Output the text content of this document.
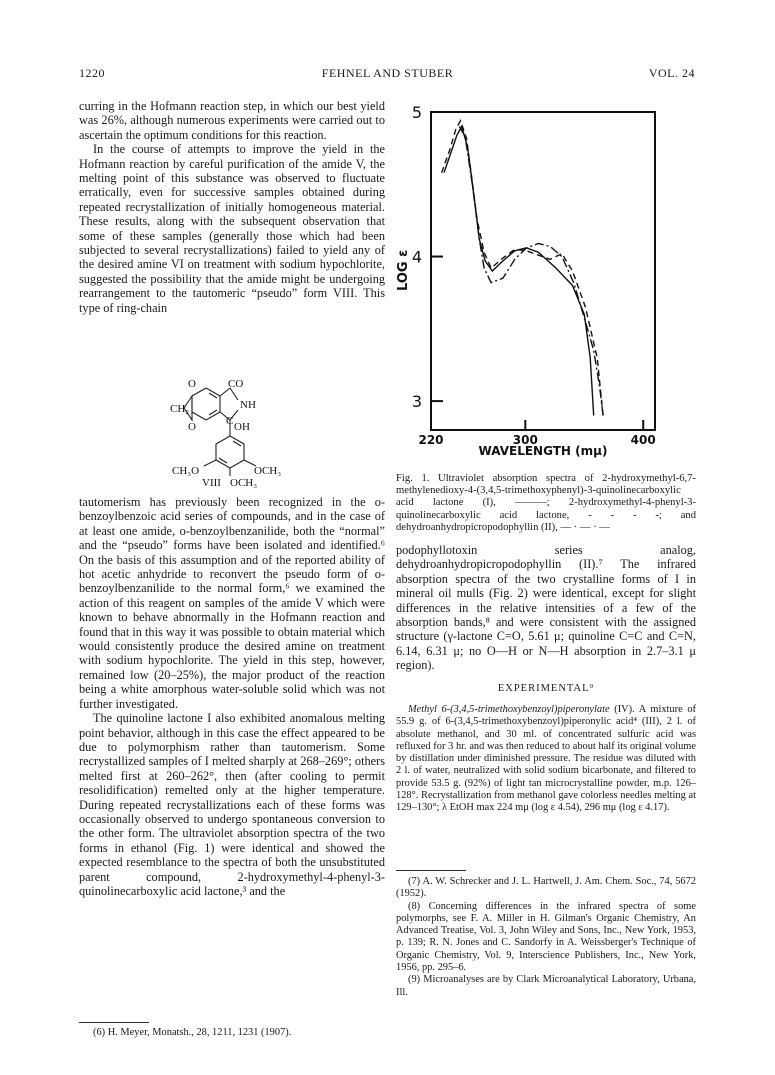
1220	FEHNEL AND STUBER	VOL. 24

curring in the Hofmann reaction step, in which our best yield was 26%, although numerous experiments were carried out to ascertain the optimum conditions for this reaction.

In the course of attempts to improve the yield in the Hofmann reaction by careful purification of the amide V, the melting point of this substance was observed to fluctuate erratically, even for successive samples obtained during repeated recrystallization of initially homogeneous material. These results, along with the subsequent observation that some of these samples (generally those which had been subjected to several recrystallizations) failed to yield any of the desired amine VI on treatment with sodium hypochlorite, suggested the possibility that the amide might be undergoing rearrangement to the tautomeric “pseudo” form VIII. This type of ring-chain

O	CO
CH₂	NH
O	C OH
CH₃O	OCH₃
OCH₃
VIII

tautomerism has previously been recognized in the o-benzoylbenzoic acid series of compounds, and in the case of at least one amide, o-benzoylbenzanilide, both the “normal” and the “pseudo” forms have been isolated and identified.⁶ On the basis of this assumption and of the reported ability of hot acetic anhydride to reconvert the pseudo form of o-benzoylbenzanilide to the normal form,⁶ we examined the action of this reagent on samples of the amide V which were known to behave abnormally in the Hofmann reaction and found that in this way it was possible to obtain material which would consistently produce the desired amine on treatment with sodium hypochlorite. The yield in this step, however, remained low (20–25%), the major product of the reaction being a white amorphous water-soluble solid which was not further investigated.

The quinoline lactone I also exhibited anomalous melting point behavior, although in this case the effect appeared to be due to polymorphism rather than tautomerism. Some recrystallized samples of I melted sharply at 268–269°; others melted first at 260–262°, then (after cooling to permit resolidification) remelted only at the higher temperature. During repeated recrystallizations each of these forms was occasionally observed to undergo spontaneous conversion to the other form. The ultraviolet absorption spectra of the two forms in ethanol (Fig. 1) were identical and showed the expected resemblance to the spectra of both the unsubstituted parent compound, 2-hydroxymethyl-4-phenyl-3-quinolinecarboxylic acid lactone,³ and the

(6) H. Meyer, Monatsh., 28, 1211, 1231 (1907).
3
4
5
220	300	400
LOG ε
WAVELENGTH (mμ)
Fig. 1. Ultraviolet absorption spectra of 2-hydroxymethyl-6,7-methylenedioxy-4-(3,4,5-trimethoxyphenyl)-3-quinolinecarboxylic acid lactone (I), ———; 2-hydroxymethyl-4-phenyl-3-quinolinecarboxylic acid lactone, - - - -; and dehydroanhydropicropodophyllin (II), — · — · —

podophyllotoxin series analog, dehydroanhydropicropodophyllin (II).⁷ The infrared absorption spectra of the two crystalline forms of I in mineral oil mulls (Fig. 2) were identical, except for slight differences in the relative intensities of a few of the absorption bands,⁸ and were consistent with the assigned structure (γ-lactone C=O, 5.61 μ; quinoline C=C and C=N, 6.14, 6.31 μ; no O—H or N—H absorption in 2.7–3.1 μ region).

EXPERIMENTAL⁹

Methyl 6-(3,4,5-trimethoxybenzoyl)piperonylate (IV). A mixture of 55.9 g. of 6-(3,4,5-trimethoxybenzoyl)piperonylic acid⁴ (III), 2 l. of absolute methanol, and 30 ml. of concentrated sulfuric acid was refluxed for 3 hr. and was then reduced to about half its original volume by distillation under diminished pressure. The residue was diluted with 2 l. of water, neutralized with solid sodium bicarbonate, and filtered to provide 53.5 g. (92%) of light tan microcrystalline powder, m.p. 126–128°. Recrystallization from methanol gave colorless needles melting at 129–130°; λ EtOH max 224 mμ (log ε 4.54), 296 mμ (log ε 4.17).

(7) A. W. Schrecker and J. L. Hartwell, J. Am. Chem. Soc., 74, 5672 (1952).

(8) Concerning differences in the infrared spectra of some polymorphs, see F. A. Miller in H. Gilman's Organic Chemistry, An Advanced Treatise, Vol. 3, John Wiley and Sons, Inc., New York, 1953, p. 139; R. N. Jones and C. Sandorfy in A. Weissberger's Technique of Organic Chemistry, Vol. 9, Interscience Publishers, Inc., New York, 1956, pp. 295–6.

(9) Microanalyses are by Clark Microanalytical Laboratory, Urbana, Ill.
